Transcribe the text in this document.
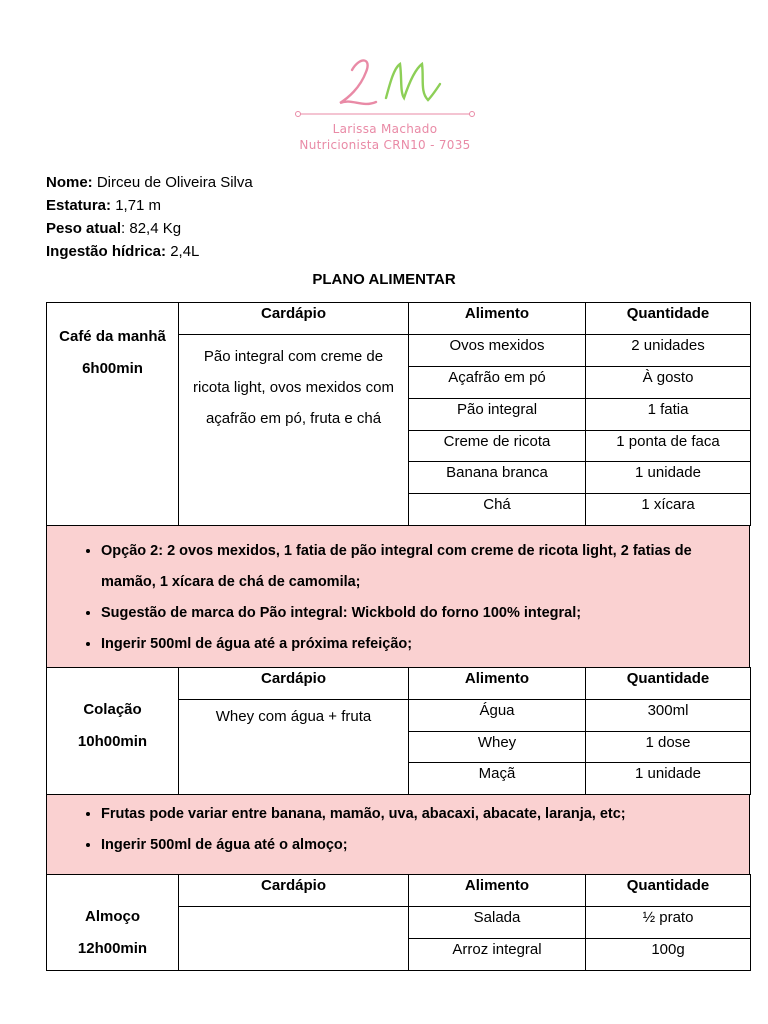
Larissa Machado
Nutricionista CRN10 - 7035
Nome: Dirceu de Oliveira Silva
Estatura: 1,71 m
Peso atual: 82,4 Kg
Ingestão hídrica: 2,4L
PLANO ALIMENTAR
Café da manhã
6h00min	Cardápio	Alimento	Quantidade
	Pão integral com creme de ricota light, ovos mexidos com açafrão em pó, fruta e chá	Ovos mexidos	2 unidades
		Açafrão em pó	À gosto
		Pão integral	1 fatia
		Creme de ricota	1 ponta de faca
		Banana branca	1 unidade
		Chá	1 xícara
• Opção 2: 2 ovos mexidos, 1 fatia de pão integral com creme de ricota light, 2 fatias de mamão, 1 xícara de chá de camomila;
• Sugestão de marca do Pão integral: Wickbold do forno 100% integral;
• Ingerir 500ml de água até a próxima refeição;
Colação
10h00min	Cardápio	Alimento	Quantidade
	Whey com água + fruta	Água	300ml
		Whey	1 dose
		Maçã	1 unidade
• Frutas pode variar entre banana, mamão, uva, abacaxi, abacate, laranja, etc;
• Ingerir 500ml de água até o almoço;
Almoço
12h00min	Cardápio	Alimento	Quantidade
		Salada	½ prato
		Arroz integral	100g
